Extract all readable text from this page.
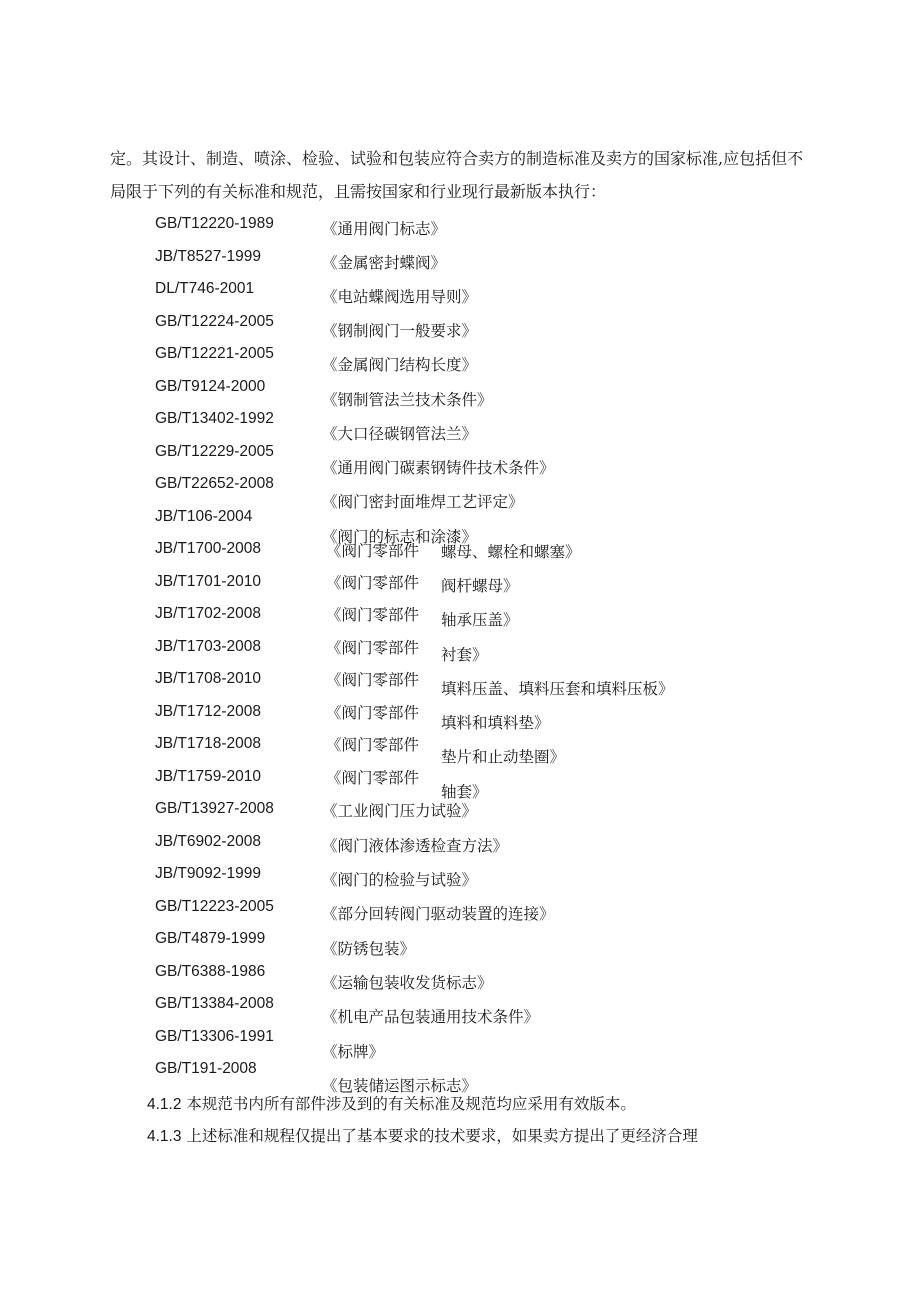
定。其设计、制造、喷涂、检验、试验和包装应符合卖方的制造标准及卖方的国家标准,应包括但不局限于下列的有关标准和规范，且需按国家和行业现行最新版本执行：

GB/T12220-1989
JB/T8527-1999
DL/T746-2001
GB/T12224-2005
GB/T12221-2005
GB/T9124-2000
GB/T13402-1992
GB/T12229-2005
GB/T22652-2008
JB/T106-2004
JB/T1700-2008
JB/T1701-2010
JB/T1702-2008
JB/T1703-2008
JB/T1708-2010
JB/T1712-2008
JB/T1718-2008
JB/T1759-2010
GB/T13927-2008
JB/T6902-2008
JB/T9092-1999
GB/T12223-2005
GB/T4879-1999
GB/T6388-1986
GB/T13384-2008
GB/T13306-1991
GB/T191-2008
《通用阀门标志》
《金属密封蝶阀》
《电站蝶阀选用导则》
《钢制阀门一般要求》
《金属阀门结构长度》
《钢制管法兰技术条件》
《大口径碳钢管法兰》
《通用阀门碳素钢铸件技术条件》
《阀门密封面堆焊工艺评定》
《阀门的标志和涂漆》
《阀门零部件
《阀门零部件
《阀门零部件
《阀门零部件
《阀门零部件
《阀门零部件
《阀门零部件
《阀门零部件
螺母、螺栓和螺塞》
阀杆螺母》
轴承压盖》
衬套》
填料压盖、填料压套和填料压板》
填料和填料垫》
垫片和止动垫圈》
轴套》
《工业阀门压力试验》
《阀门液体渗透检查方法》
《阀门的检验与试验》
《部分回转阀门驱动装置的连接》
《防锈包装》
《运输包装收发货标志》
《机电产品包装通用技术条件》
《标牌》
《包装储运图示标志》
4.1.2 本规范书内所有部件涉及到的有关标准及规范均应采用有效版本。
4.1.3 上述标准和规程仅提出了基本要求的技术要求，如果卖方提出了更经济合理
